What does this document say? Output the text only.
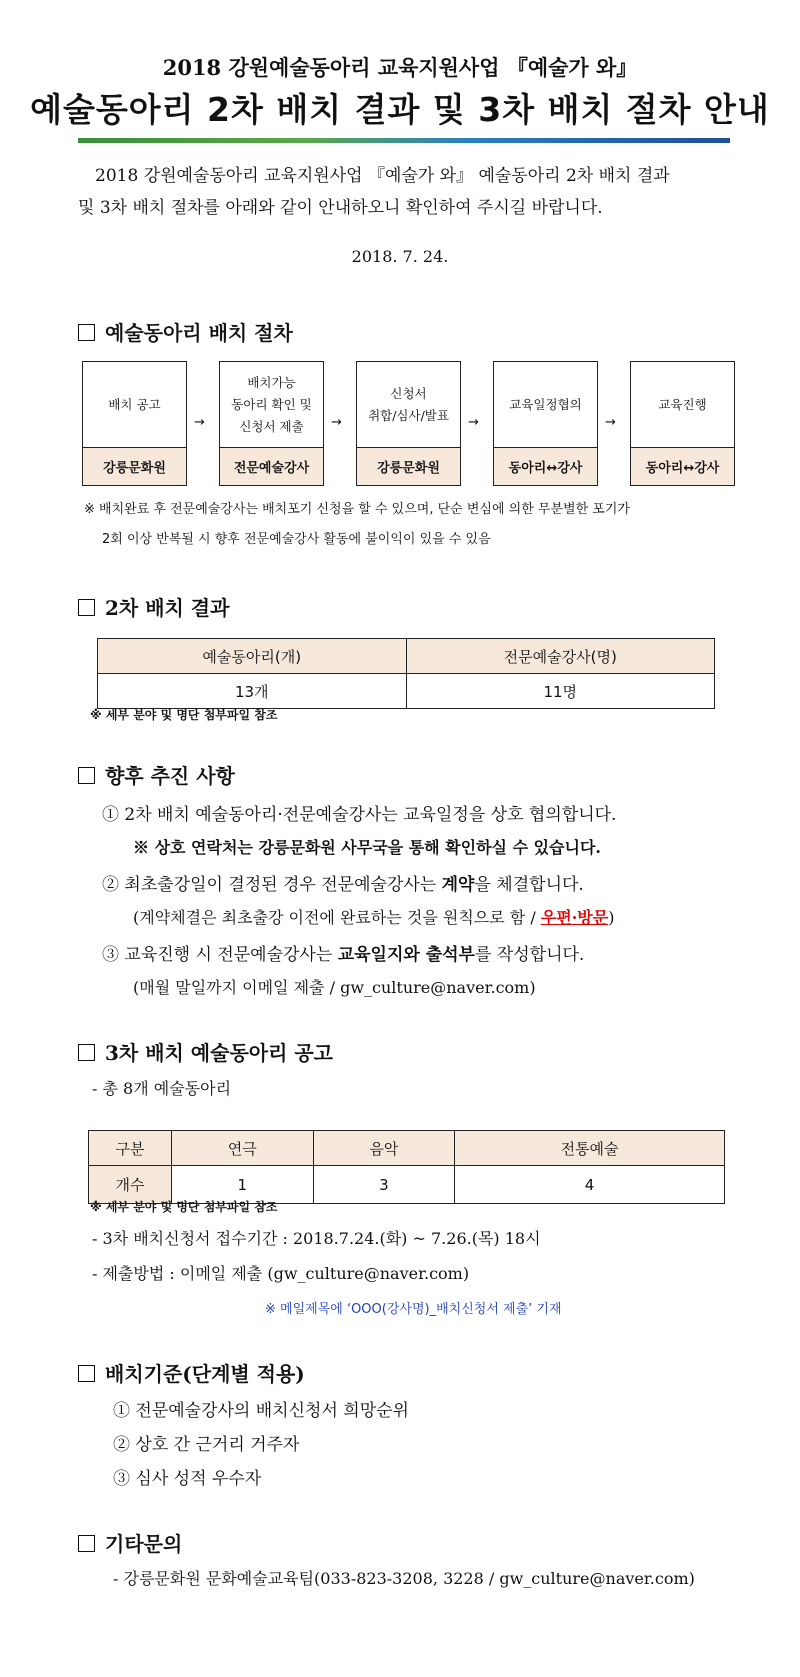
2018 강원예술동아리 교육지원사업 『예술가 와』
예술동아리 2차 배치 결과 및 3차 배치 절차 안내
2018 강원예술동아리 교육지원사업 『예술가 와』 예술동아리 2차 배치 결과
및 3차 배치 절차를 아래와 같이 안내하오니 확인하여 주시길 바랍니다.
2018. 7. 24.
예술동아리 배치 절차
배치 공고
강릉문화원
→
배치가능
동아리 확인 및
신청서 제출
전문예술강사
→
신청서
취합/심사/발표
강릉문화원
→
교육일정협의
동아리↔강사
→
교육진행
동아리↔강사
※ 배치완료 후 전문예술강사는 배치포기 신청을 할 수 있으며, 단순 변심에 의한 무분별한 포기가
2회 이상 반복될 시 향후 전문예술강사 활동에 불이익이 있을 수 있음
2차 배치 결과
예술동아리(개)	전문예술강사(명)
13개	11명
※ 세부 분야 및 명단 첨부파일 참조
향후 추진 사항
① 2차 배치 예술동아리·전문예술강사는 교육일정을 상호 협의합니다.
※ 상호 연락처는 강릉문화원 사무국을 통해 확인하실 수 있습니다.
② 최초출강일이 결정된 경우 전문예술강사는 계약을 체결합니다.
(계약체결은 최초출강 이전에 완료하는 것을 원칙으로 함 / 우편·방문)
③ 교육진행 시 전문예술강사는 교육일지와 출석부를 작성합니다.
(매월 말일까지 이메일 제출 / gw_culture@naver.com)
3차 배치 예술동아리 공고
- 총 8개 예술동아리
구분	연극	음악	전통예술
개수	1	3	4
※ 세부 분야 및 명단 첨부파일 참조
- 3차 배치신청서 접수기간 : 2018.7.24.(화) ~ 7.26.(목) 18시
- 제출방법 : 이메일 제출 (gw_culture@naver.com)
※ 메일제목에 ‘OOO(강사명)_배치신청서 제출’ 기재
배치기준(단계별 적용)
① 전문예술강사의 배치신청서 희망순위
② 상호 간 근거리 거주자
③ 심사 성적 우수자
기타문의
- 강릉문화원 문화예술교육팀(033-823-3208, 3228 / gw_culture@naver.com)
